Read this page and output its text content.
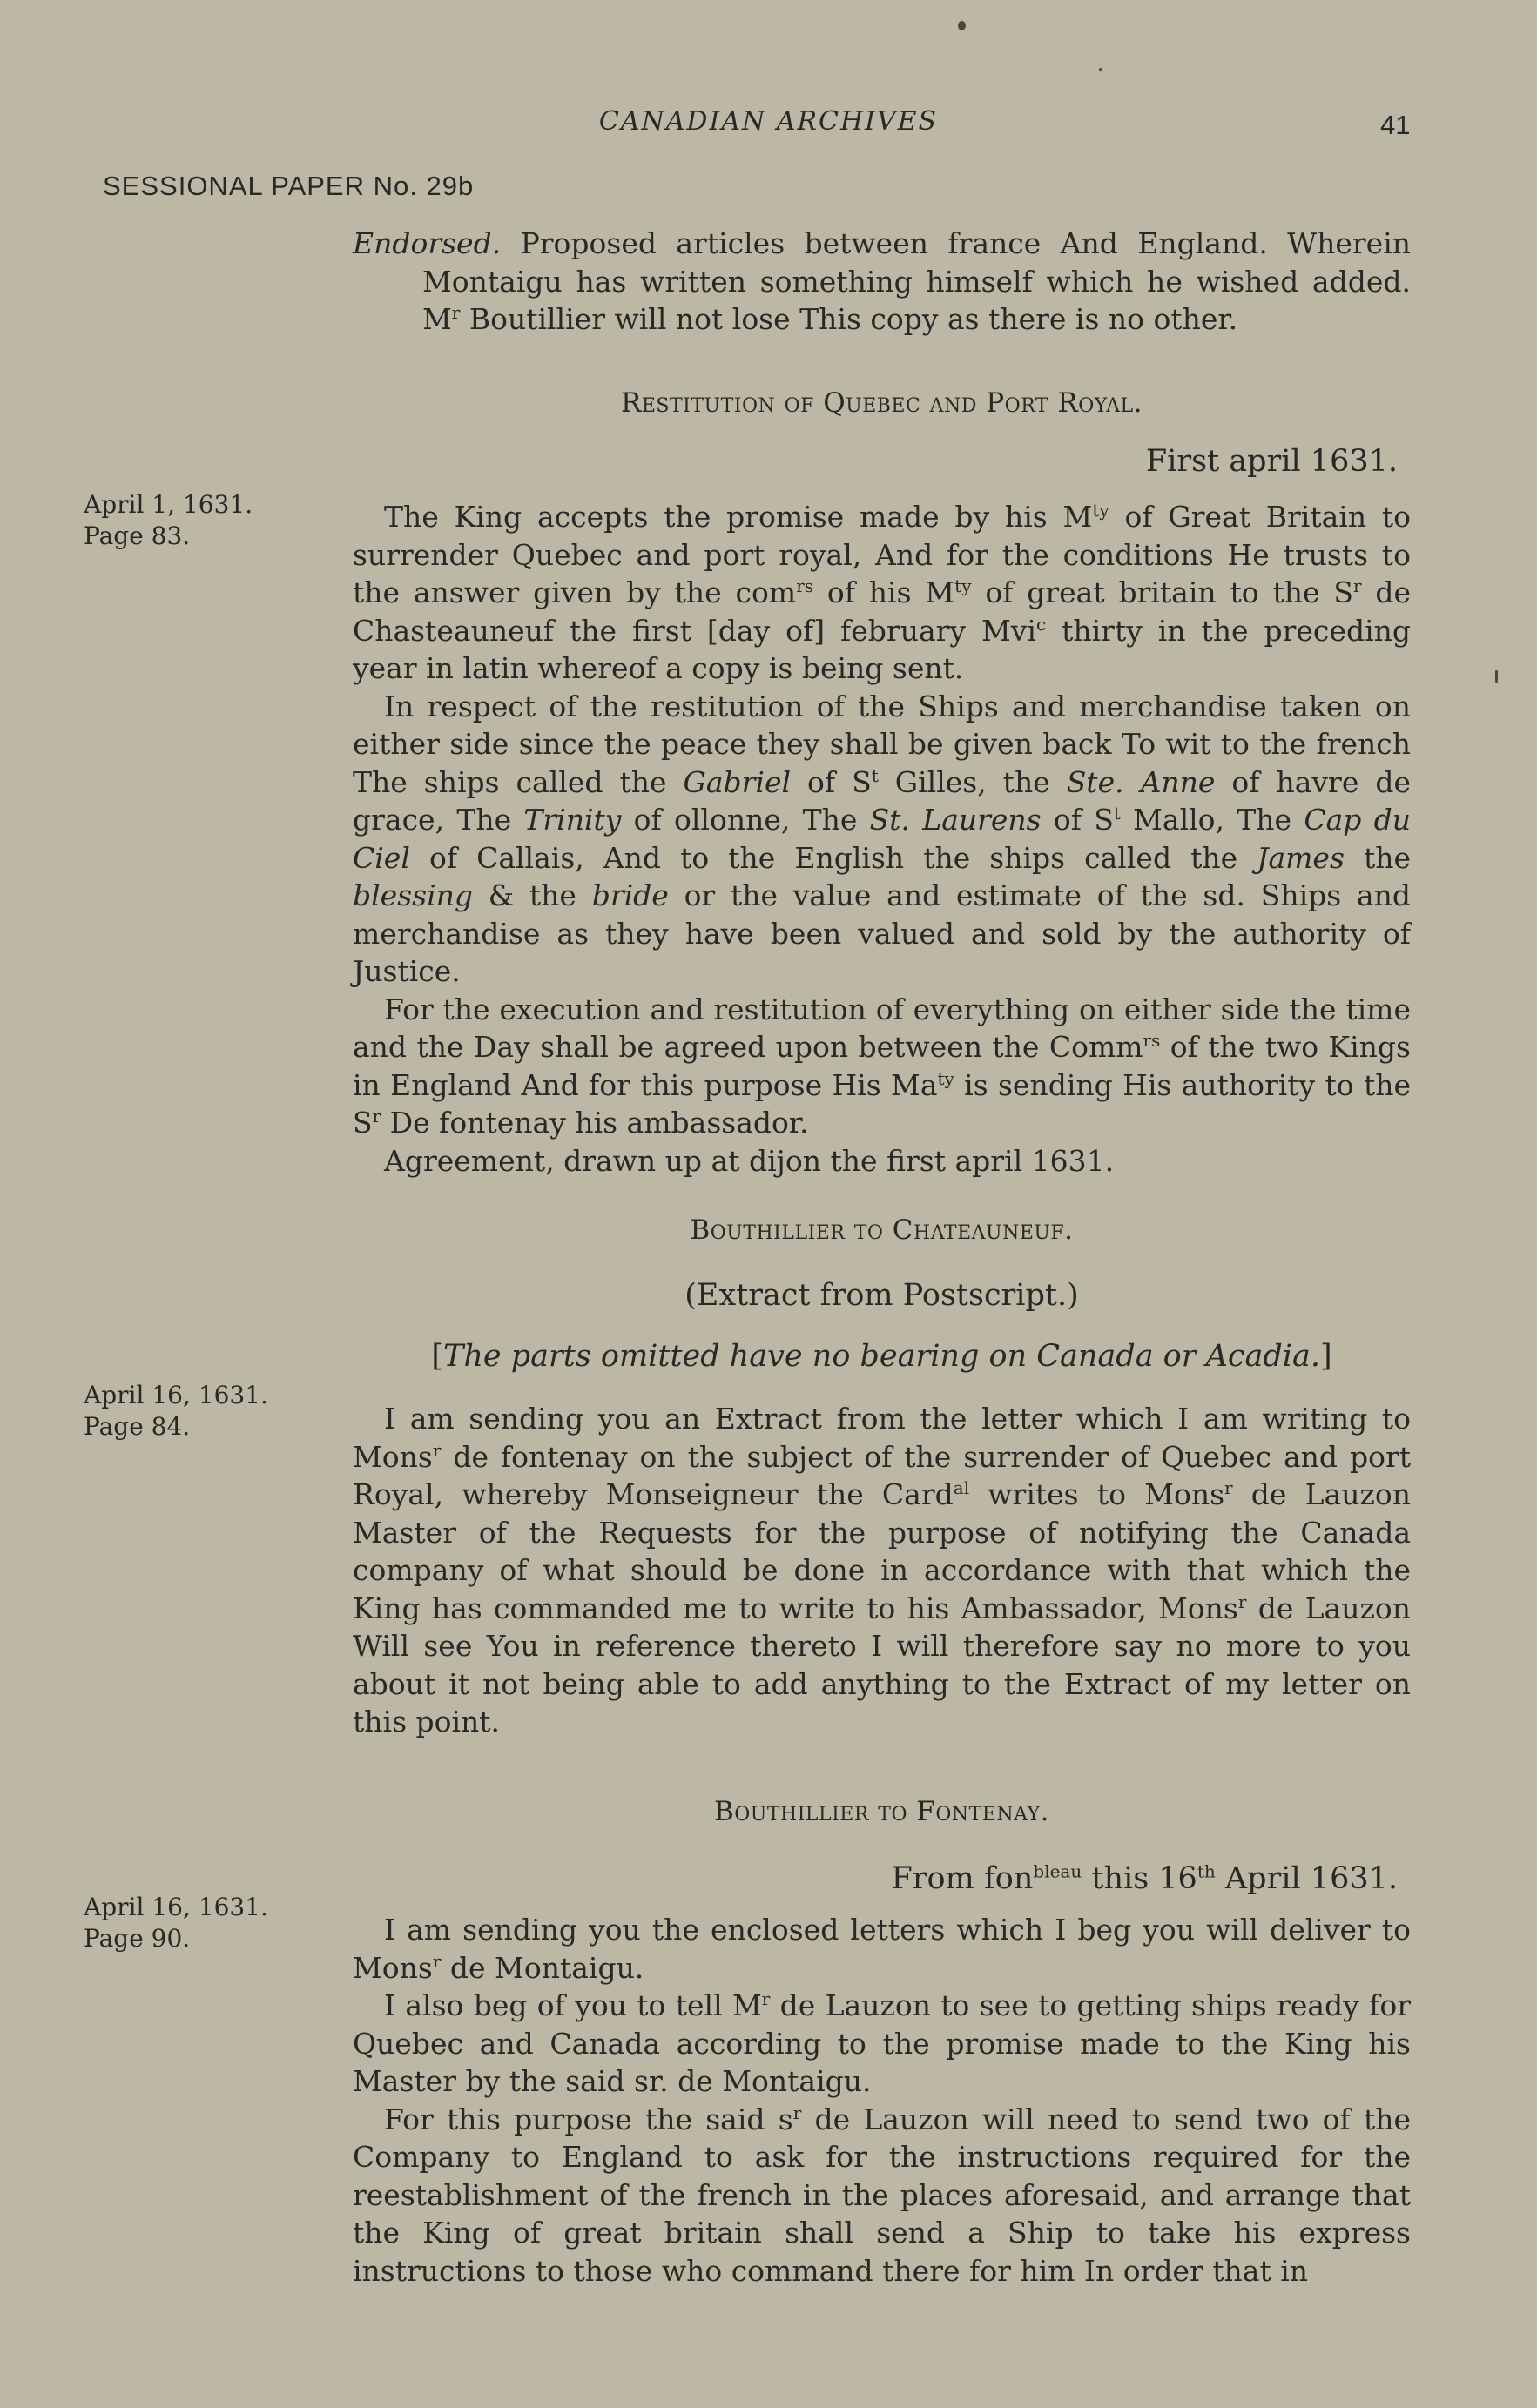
CANADIAN ARCHIVES	41
SESSIONAL PAPER No. 29b

Endorsed. Proposed articles between france And England. Wherein Montaigu has written something himself which he wished added. $M^r$ Boutillier will not lose This copy as there is no other.

Restitution of Quebec and Port Royal.
First april 1631.
April 1, 1631.
Page 83.

The King accepts the promise made by his $M^{ty}$ of Great Britain to surrender Quebec and port royal, And for the conditions He trusts to the answer given by the com$^{rs}$ of his $M^{ty}$ of great britain to the $S^r$ de Chasteauneuf the first [day of] february Mvi$^c$ thirty in the preceding year in latin whereof a copy is being sent.

In respect of the restitution of the Ships and merchandise taken on either side since the peace they shall be given back To wit to the french The ships called the Gabriel of $S^t$ Gilles, the Ste. Anne of havre de grace, The Trinity of ollonne, The St. Laurens of $S^t$ Mallo, The Cap du Ciel of Callais, And to the English the ships called the James the blessing & the bride or the value and estimate of the sd. Ships and merchandise as they have been valued and sold by the authority of Justice.

For the execution and restitution of everything on either side the time and the Day shall be agreed upon between the Comm$^{rs}$ of the two Kings in England And for this purpose His $Ma^{ty}$ is sending His authority to the $S^r$ De fontenay his ambassador.

Agreement, drawn up at dijon the first april 1631.

Bouthillier to Chateauneuf.
(Extract from Postscript.)
[The parts omitted have no bearing on Canada or Acadia.]
April 16, 1631.
Page 84.	I am sending you an Extract from the letter which I am writing to Mons$^r$ de fontenay on the subject of the surrender of Quebec and port Royal, whereby Monseigneur the Card$^{al}$ writes to Mons$^r$ de Lauzon Master of the Requests for the purpose of notifying the Canada company of what should be done in accordance with that which the King has commanded me to write to his Ambassador, Mons$^r$ de Lauzon Will see You in reference thereto I will therefore say no more to you about it not being able to add anything to the Extract of my letter on this point.

Bouthillier to Fontenay.
From fon$^{bleau}$ this 16th April 1631.
April 16, 1631.
Page 90.	I am sending you the enclosed letters which I beg you will deliver to Mons$^r$ de Montaigu.

I also beg of you to tell $M^r$ de Lauzon to see to getting ships ready for Quebec and Canada according to the promise made to the King his Master by the said sr. de Montaigu.

For this purpose the said $s^r$ de Lauzon will need to send two of the Company to England to ask for the instructions required for the reestablishment of the french in the places aforesaid, and arrange that the King of great britain shall send a Ship to take his express instructions to those who command there for him In order that in
